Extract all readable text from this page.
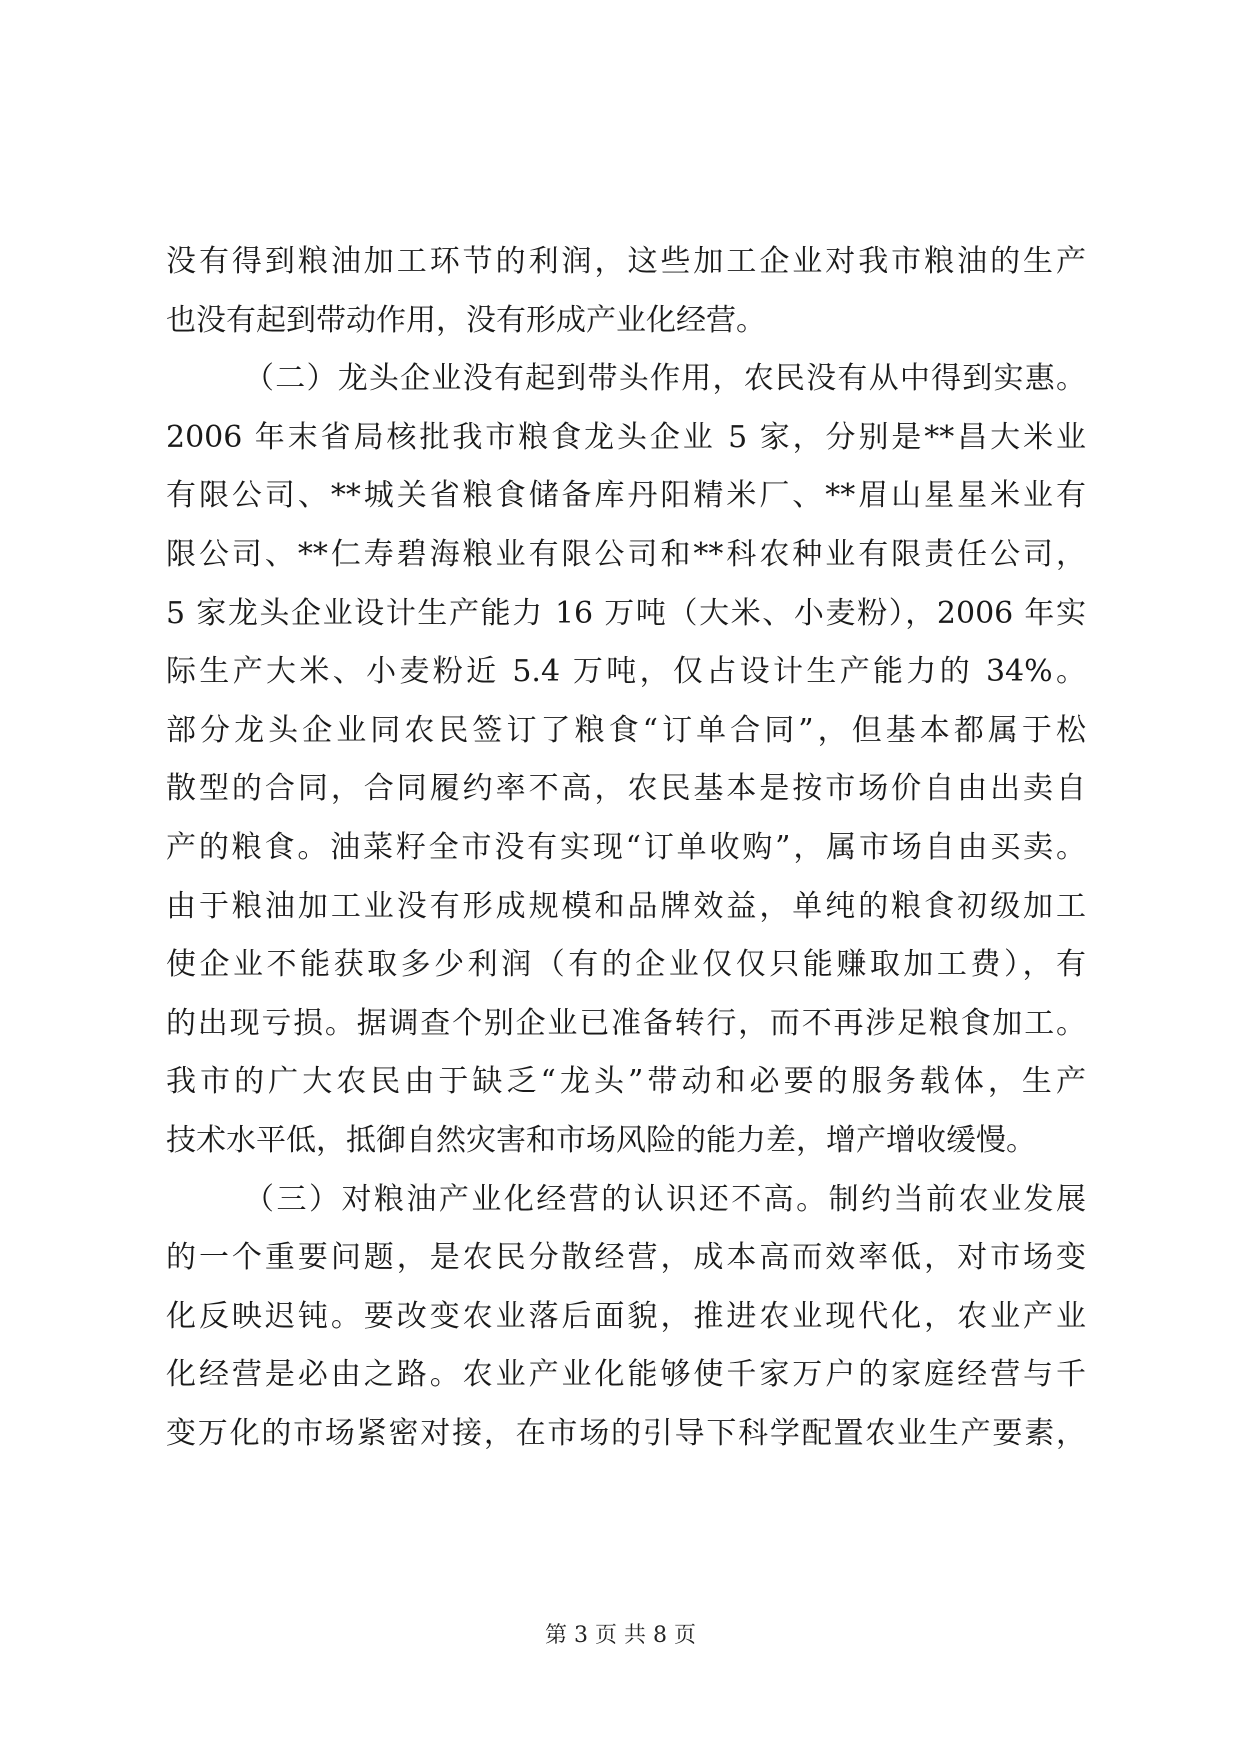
没有得到粮油加工环节的利润，这些加工企业对我市粮油的生产
也没有起到带动作用，没有形成产业化经营。
（二）龙头企业没有起到带头作用，农民没有从中得到实惠。
2006 年末省局核批我市粮食龙头企业 5 家，分别是**昌大米业
有限公司、**城关省粮食储备库丹阳精米厂、**眉山星星米业有
限公司、**仁寿碧海粮业有限公司和**科农种业有限责任公司，
5 家龙头企业设计生产能力 16 万吨（大米、小麦粉），2006 年实
际生产大米、小麦粉近 5.4 万吨，仅占设计生产能力的 34%。
部分龙头企业同农民签订了粮食“订单合同”，但基本都属于松
散型的合同，合同履约率不高，农民基本是按市场价自由出卖自
产的粮食。油菜籽全市没有实现“订单收购”，属市场自由买卖。
由于粮油加工业没有形成规模和品牌效益，单纯的粮食初级加工
使企业不能获取多少利润（有的企业仅仅只能赚取加工费），有
的出现亏损。据调查个别企业已准备转行，而不再涉足粮食加工。
我市的广大农民由于缺乏“龙头”带动和必要的服务载体，生产
技术水平低，抵御自然灾害和市场风险的能力差，增产增收缓慢。
（三）对粮油产业化经营的认识还不高。制约当前农业发展
的一个重要问题，是农民分散经营，成本高而效率低，对市场变
化反映迟钝。要改变农业落后面貌，推进农业现代化，农业产业
化经营是必由之路。农业产业化能够使千家万户的家庭经营与千
变万化的市场紧密对接，在市场的引导下科学配置农业生产要素，
第 3 页 共 8 页
